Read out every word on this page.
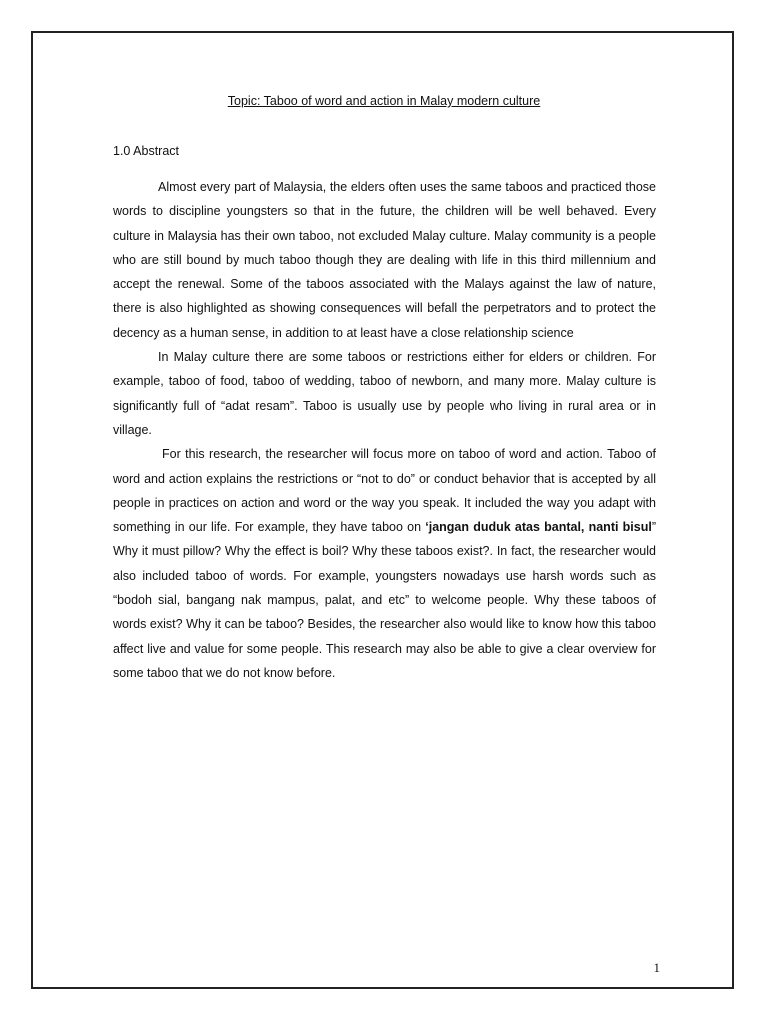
Topic: Taboo of word and action in Malay modern culture
1.0 Abstract

Almost every part of Malaysia, the elders often uses the same taboos and practiced those words to discipline youngsters so that in the future, the children will be well behaved. Every culture in Malaysia has their own taboo, not excluded Malay culture. Malay community is a people who are still bound by much taboo though they are dealing with life in this third millennium and accept the renewal. Some of the taboos associated with the Malays against the law of nature, there is also highlighted as showing consequences will befall the perpetrators and to protect the decency as a human sense, in addition to at least have a close relationship science

In Malay culture there are some taboos or restrictions either for elders or children. For example, taboo of food, taboo of wedding, taboo of newborn, and many more. Malay culture is significantly full of “adat resam”. Taboo is usually use by people who living in rural area or in village.

For this research, the researcher will focus more on taboo of word and action. Taboo of word and action explains the restrictions or “not to do” or conduct behavior that is accepted by all people in practices on action and word or the way you speak. It included the way you adapt with something in our life. For example, they have taboo on ‘jangan duduk atas bantal, nanti bisul” Why it must pillow? Why the effect is boil? Why these taboos exist?. In fact, the researcher would also included taboo of words. For example, youngsters nowadays use harsh words such as “bodoh sial, bangang nak mampus, palat, and etc” to welcome people. Why these taboos of words exist? Why it can be taboo? Besides, the researcher also would like to know how this taboo affect live and value for some people. This research may also be able to give a clear overview for some taboo that we do not know before.

1
